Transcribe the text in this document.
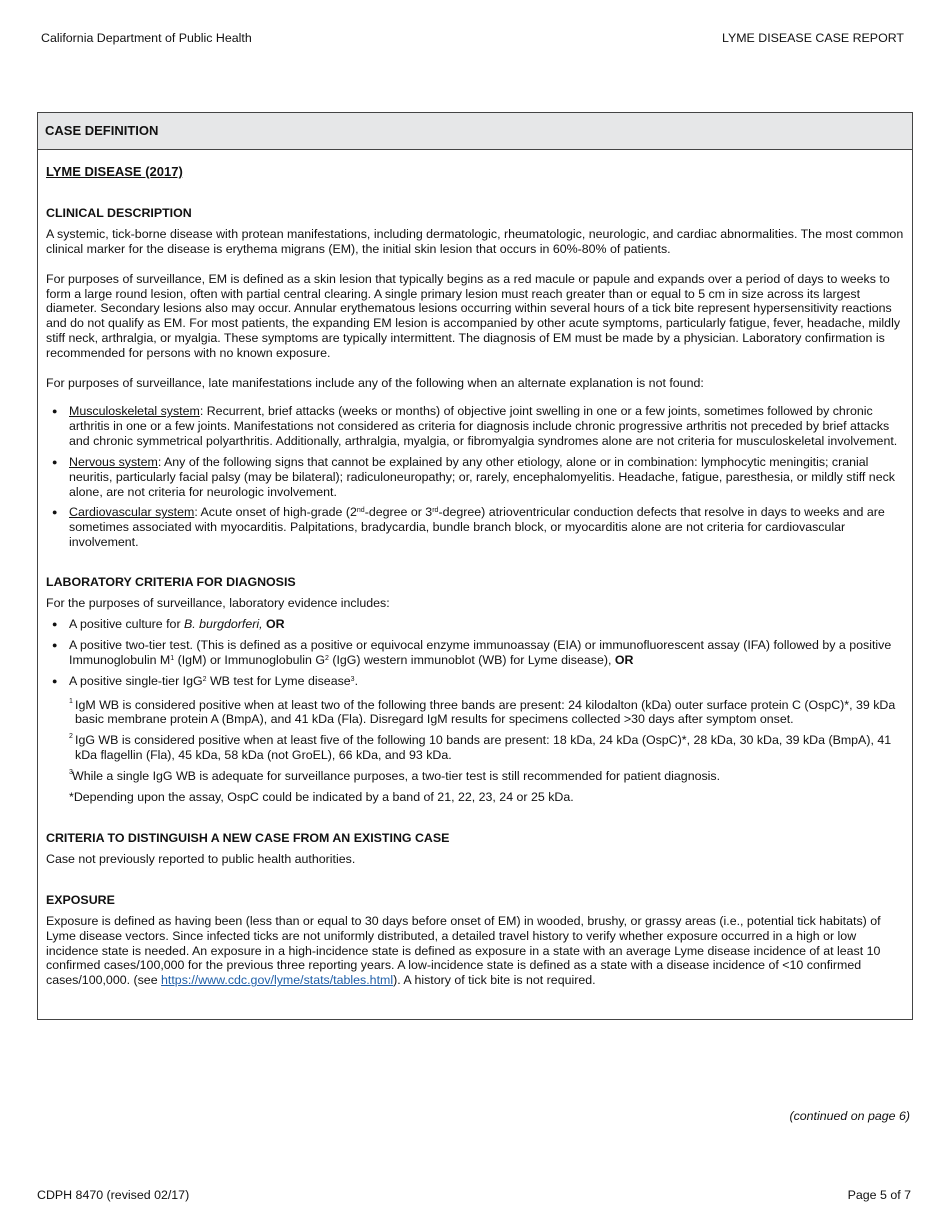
California Department of Public Health	LYME DISEASE CASE REPORT
CASE DEFINITION
LYME DISEASE (2017)
CLINICAL DESCRIPTION

A systemic, tick-borne disease with protean manifestations, including dermatologic, rheumatologic, neurologic, and cardiac abnormalities. The most common clinical marker for the disease is erythema migrans (EM), the initial skin lesion that occurs in 60%-80% of patients.

For purposes of surveillance, EM is defined as a skin lesion that typically begins as a red macule or papule and expands over a period of days to weeks to form a large round lesion, often with partial central clearing. A single primary lesion must reach greater than or equal to 5 cm in size across its largest diameter. Secondary lesions also may occur. Annular erythematous lesions occurring within several hours of a tick bite represent hypersensitivity reactions and do not qualify as EM. For most patients, the expanding EM lesion is accompanied by other acute symptoms, particularly fatigue, fever, headache, mildly stiff neck, arthralgia, or myalgia. These symptoms are typically intermittent. The diagnosis of EM must be made by a physician. Laboratory confirmation is recommended for persons with no known exposure.

For purposes of surveillance, late manifestations include any of the following when an alternate explanation is not found:

● Musculoskeletal system: Recurrent, brief attacks (weeks or months) of objective joint swelling in one or a few joints, sometimes followed by chronic arthritis in one or a few joints. Manifestations not considered as criteria for diagnosis include chronic progressive arthritis not preceded by brief attacks and chronic symmetrical polyarthritis. Additionally, arthralgia, myalgia, or fibromyalgia syndromes alone are not criteria for musculoskeletal involvement.
● Nervous system: Any of the following signs that cannot be explained by any other etiology, alone or in combination: lymphocytic meningitis; cranial neuritis, particularly facial palsy (may be bilateral); radiculoneuropathy; or, rarely, encephalomyelitis. Headache, fatigue, paresthesia, or mildly stiff neck alone, are not criteria for neurologic involvement.
● Cardiovascular system: Acute onset of high-grade (2nd-degree or 3rd-degree) atrioventricular conduction defects that resolve in days to weeks and are sometimes associated with myocarditis. Palpitations, bradycardia, bundle branch block, or myocarditis alone are not criteria for cardiovascular involvement.
LABORATORY CRITERIA FOR DIAGNOSIS

For the purposes of surveillance, laboratory evidence includes:

● A positive culture for B. burgdorferi, OR
● A positive two-tier test. (This is defined as a positive or equivocal enzyme immunoassay (EIA) or immunofluorescent assay (IFA) followed by a positive Immunoglobulin $M^1$ (IgM) or Immunoglobulin $G^2$ (IgG) western immunoblot (WB) for Lyme disease), OR
● A positive single-tier IgG$^2$ WB test for Lyme disease$^3$.
1 IgM WB is considered positive when at least two of the following three bands are present: 24 kilodalton (kDa) outer surface protein C (OspC)*, 39 kDa basic membrane protein A (BmpA), and 41 kDa (Fla). Disregard IgM results for specimens collected >30 days after symptom onset.
2 IgG WB is considered positive when at least five of the following 10 bands are present: 18 kDa, 24 kDa (OspC)*, 28 kDa, 30 kDa, 39 kDa (BmpA), 41 kDa flagellin (Fla), 45 kDa, 58 kDa (not GroEL), 66 kDa, and 93 kDa.
3 While a single IgG WB is adequate for surveillance purposes, a two-tier test is still recommended for patient diagnosis.
*Depending upon the assay, OspC could be indicated by a band of 21, 22, 23, 24 or 25 kDa.
CRITERIA TO DISTINGUISH A NEW CASE FROM AN EXISTING CASE

Case not previously reported to public health authorities.

EXPOSURE

Exposure is defined as having been (less than or equal to 30 days before onset of EM) in wooded, brushy, or grassy areas (i.e., potential tick habitats) of Lyme disease vectors. Since infected ticks are not uniformly distributed, a detailed travel history to verify whether exposure occurred in a high or low incidence state is needed. An exposure in a high-incidence state is defined as exposure in a state with an average Lyme disease incidence of at least 10 confirmed cases/100,000 for the previous three reporting years. A low-incidence state is defined as a state with a disease incidence of <10 confirmed cases/100,000. (see https://www.cdc.gov/lyme/stats/tables.html). A history of tick bite is not required.

(continued on page 6)
CDPH 8470 (revised 02/17)	Page 5 of 7
